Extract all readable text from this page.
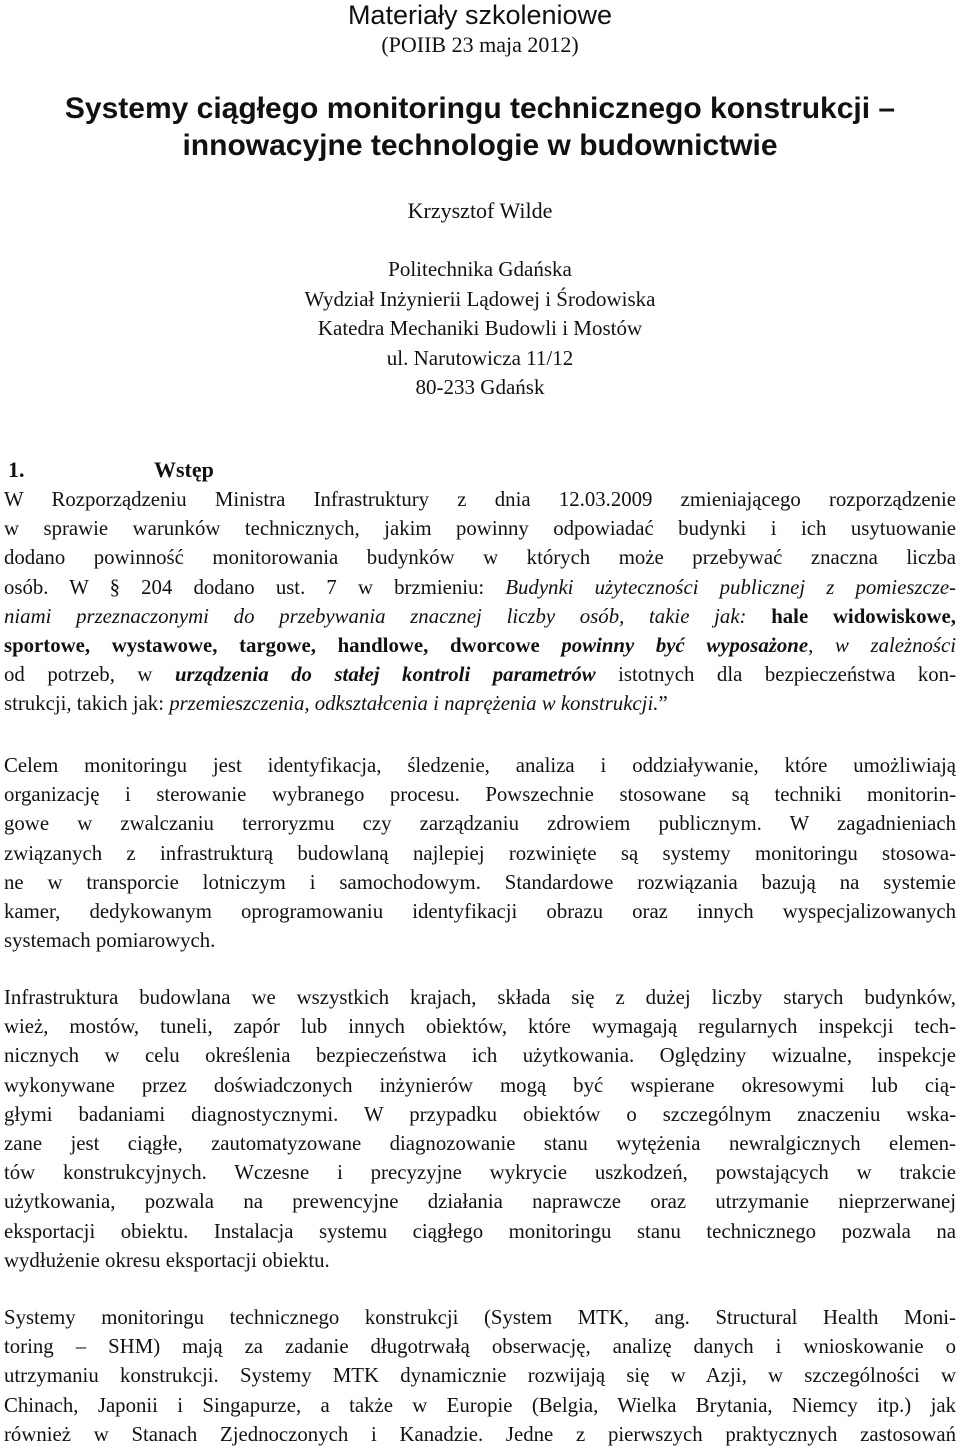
Materiały szkoleniowe
(POIIB 23 maja 2012)
Systemy ciągłego monitoringu technicznego konstrukcji –
innowacyjne technologie w budownictwie
Krzysztof Wilde
Politechnika Gdańska
Wydział Inżynierii Lądowej i Środowiska
Katedra Mechaniki Budowli i Mostów
ul. Narutowicza 11/12
80-233 Gdańsk
1.	Wstęp
W Rozporządzeniu Ministra Infrastruktury z dnia 12.03.2009 zmieniającego rozporządzenie
w sprawie warunków technicznych, jakim powinny odpowiadać budynki i ich usytuowanie
dodano powinność monitorowania budynków w których może przebywać znaczna liczba
osób. W § 204 dodano ust. 7 w brzmieniu: Budynki użyteczności publicznej z pomieszcze-
niami przeznaczonymi do przebywania znacznej liczby osób, takie jak: hale widowiskowe,
sportowe, wystawowe, targowe, handlowe, dworcowe powinny być wyposażone, w zależności
od potrzeb, w urządzenia do stałej kontroli parametrów istotnych dla bezpieczeństwa kon-
strukcji, takich jak: przemieszczenia, odkształcenia i naprężenia w konstrukcji.”
Celem monitoringu jest identyfikacja, śledzenie, analiza i oddziaływanie, które umożliwiają
organizację i sterowanie wybranego procesu. Powszechnie stosowane są techniki monitorin-
gowe w zwalczaniu terroryzmu czy zarządzaniu zdrowiem publicznym. W zagadnieniach
związanych z infrastrukturą budowlaną najlepiej rozwinięte są systemy monitoringu stosowa-
ne w transporcie lotniczym i samochodowym. Standardowe rozwiązania bazują na systemie
kamer, dedykowanym oprogramowaniu identyfikacji obrazu oraz innych wyspecjalizowanych
systemach pomiarowych.
Infrastruktura budowlana we wszystkich krajach, składa się z dużej liczby starych budynków,
wież, mostów, tuneli, zapór lub innych obiektów, które wymagają regularnych inspekcji tech-
nicznych w celu określenia bezpieczeństwa ich użytkowania. Oględziny wizualne, inspekcje
wykonywane przez doświadczonych inżynierów mogą być wspierane okresowymi lub cią-
głymi badaniami diagnostycznymi. W przypadku obiektów o szczególnym znaczeniu wska-
zane jest ciągłe, zautomatyzowane diagnozowanie stanu wytężenia newralgicznych elemen-
tów konstrukcyjnych. Wczesne i precyzyjne wykrycie uszkodzeń, powstających w trakcie
użytkowania, pozwala na prewencyjne działania naprawcze oraz utrzymanie nieprzerwanej
eksportacji obiektu. Instalacja systemu ciągłego monitoringu stanu technicznego pozwala na
wydłużenie okresu eksportacji obiektu.
Systemy monitoringu technicznego konstrukcji (System MTK, ang. Structural Health Moni-
toring – SHM) mają za zadanie długotrwałą obserwację, analizę danych i wnioskowanie o
utrzymaniu konstrukcji. Systemy MTK dynamicznie rozwijają się w Azji, w szczególności w
Chinach, Japonii i Singapurze, a także w Europie (Belgia, Wielka Brytania, Niemcy itp.) jak
również w Stanach Zjednoczonych i Kanadzie. Jedne z pierwszych praktycznych zastosowań
